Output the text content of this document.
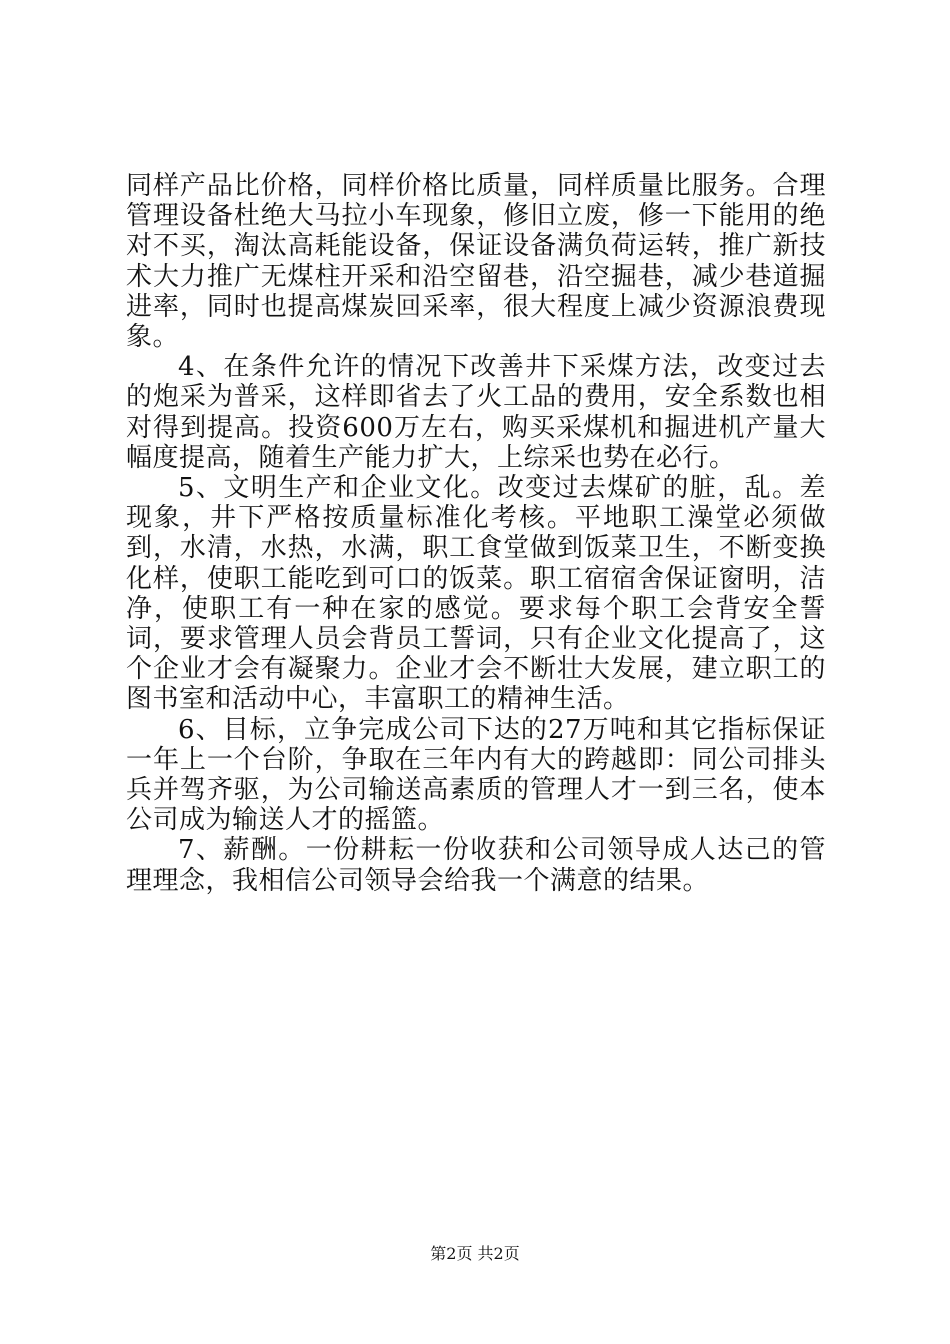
同样产品比价格，同样价格比质量，同样质量比服务。合理管理设备杜绝大马拉小车现象，修旧立废，修一下能用的绝对不买，淘汰高耗能设备，保证设备满负荷运转，推广新技术大力推广无煤柱开采和沿空留巷，沿空掘巷，减少巷道掘进率，同时也提高煤炭回采率，很大程度上减少资源浪费现象。

4、在条件允许的情况下改善井下采煤方法，改变过去的炮采为普采，这样即省去了火工品的费用，安全系数也相对得到提高。投资600万左右，购买采煤机和掘进机产量大幅度提高，随着生产能力扩大，上综采也势在必行。

5、文明生产和企业文化。改变过去煤矿的脏，乱。差现象，井下严格按质量标准化考核。平地职工澡堂必须做到，水清，水热，水满，职工食堂做到饭菜卫生，不断变换化样，使职工能吃到可口的饭菜。职工宿宿舍保证窗明，洁净，使职工有一种在家的感觉。要求每个职工会背安全誓词，要求管理人员会背员工誓词，只有企业文化提高了，这个企业才会有凝聚力。企业才会不断壮大发展，建立职工的图书室和活动中心，丰富职工的精神生活。

6、目标，立争完成公司下达的27万吨和其它指标保证一年上一个台阶，争取在三年内有大的跨越即：同公司排头兵并驾齐驱，为公司输送高素质的管理人才一到三名，使本公司成为输送人才的摇篮。

7、薪酬。一份耕耘一份收获和公司领导成人达己的管理理念，我相信公司领导会给我一个满意的结果。

第2页 共2页
